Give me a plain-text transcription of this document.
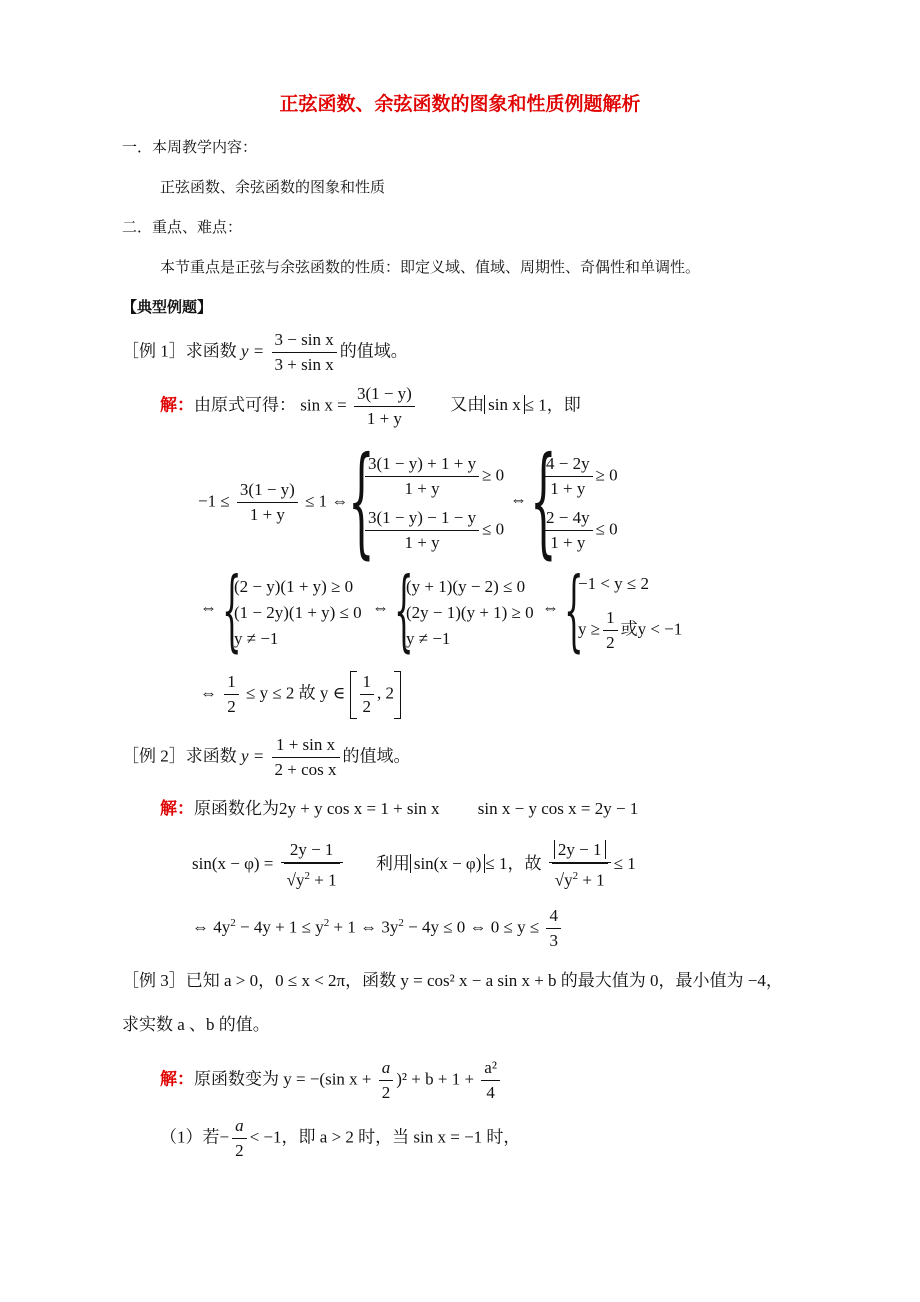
正弦函数、余弦函数的图象和性质例题解析
一．本周教学内容：
正弦函数、余弦函数的图象和性质
二．重点、难点：
本节重点是正弦与余弦函数的性质：即定义域、值域、周期性、奇偶性和单调性。
【典型例题】
［例 1］求函数 $y = \frac{\text{3 − sin x}}{\text{3 + sin x}}$ 的值域。
解：由原式可得： $\sin x = \frac{3(1 - y)}{1 + y}$ 又由 sin x ≤ 1，即
$-1 \le \frac{3(1 - y)}{1 + y} \le 1$ ⇔ {
$\frac{3(1 - y) + 1 + y}{1 + y} \ge 0$
$\frac{3(1 - y) - 1 - y}{1 + y} \le 0$
⇔ {
$\frac{4 - 2y}{1 + y} \ge 0$
$\frac{2 - 4y}{1 + y} \le 0$
⇔ {
(2 − y)(1 + y) ≥ 0
(1 − 2y)(1 + y) ≤ 0
y ≠ −1
⇔ {
(y + 1)(y − 2) ≤ 0
(2y − 1)(y + 1) ≥ 0
y ≠ −1
⇔ {
−1 < y ≤ 2
$y \ge \frac{1}{2}$ 或y < −1
⇔ $\frac{1}{2} \le y \le 2$ 故 y ∈ $\frac{1}{2}$ , 2
［例 2］求函数 $y = \frac{\text{1 + sin x}}{\text{2 + cos x}}$ 的值域。
解：原函数化为2y + y cos x = 1 + sin x sin x − y cos x = 2y − 1
$\sin(x - \varphi) = \frac{2y - 1}{√y^2 + 1}$ 利用 sin(x − φ) ≤ 1，故 $\frac{2y - 1}{√y^2 + 1} \le 1$
⇔ $4y^2 - 4y + 1 \le y^2 + 1$ ⇔ $3y^2 - 4y \le 0$ ⇔ $0 \le y \le \frac{4}{3}$
［例 3］已知 a > 0，0 ≤ x < 2π，函数 y = cos² x − a sin x + b 的最大值为 0，最小值为 −4，
求实数 a 、b 的值。
解：原函数变为 y = −(sin $x + \frac{a}{2} )^2 + b + 1 + \frac{\text{a²}}{4}$
（1）若− $\frac{a}{2} < -1$，即 a > 2 时，当 sin x = −1 时，
